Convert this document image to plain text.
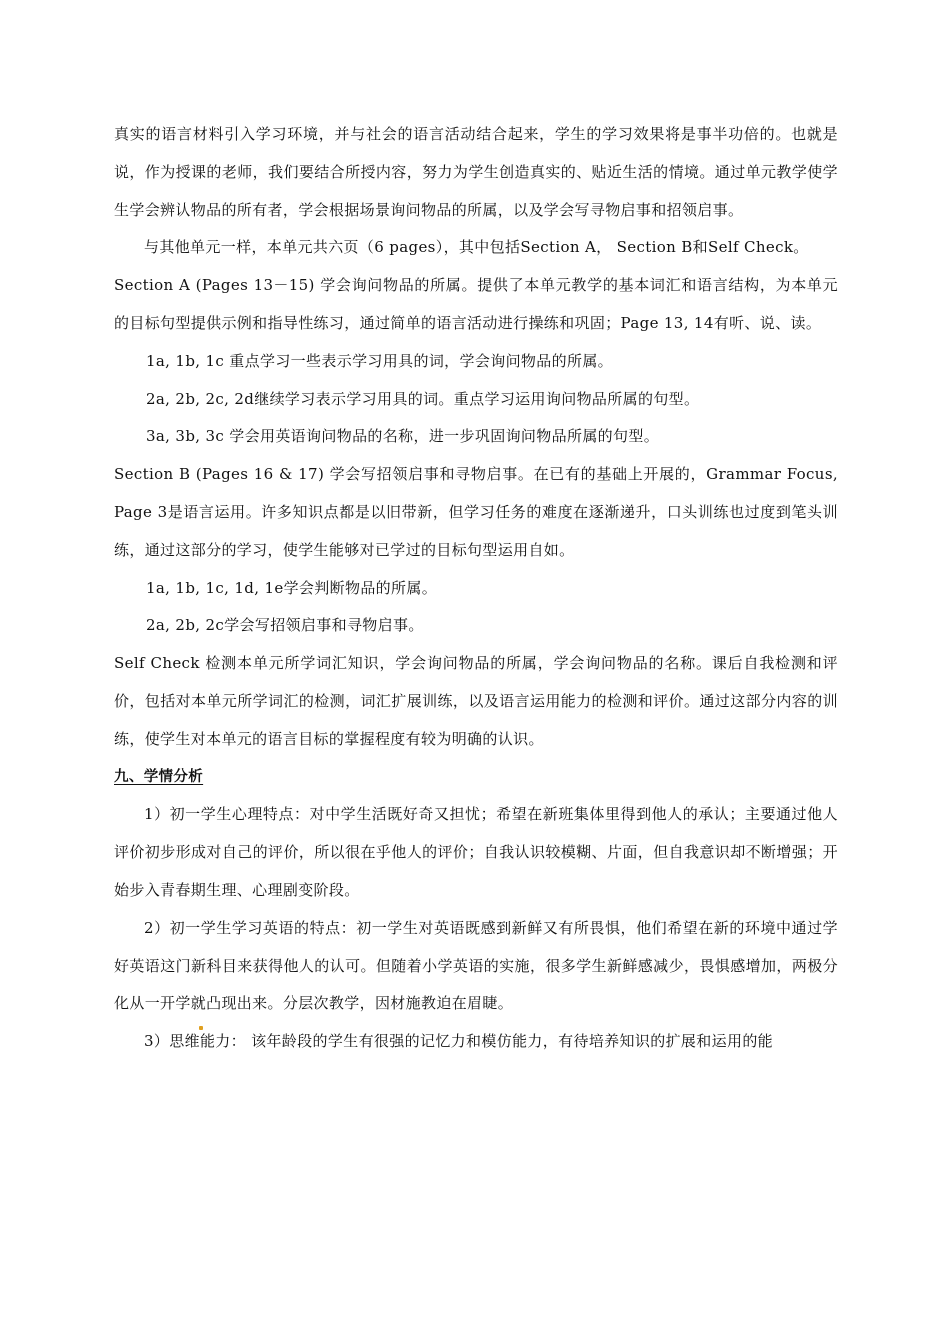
真实的语言材料引入学习环境，并与社会的语言活动结合起来，学生的学习效果将是事半功倍的。也就是说，作为授课的老师，我们要结合所授内容，努力为学生创造真实的、贴近生活的情境。通过单元教学使学生学会辨认物品的所有者，学会根据场景询问物品的所属，以及学会写寻物启事和招领启事。

与其他单元一样，本单元共六页（6 pages），其中包括Section A， Section B和Self Check。

Section A (Pages 13－15) 学会询问物品的所属。提供了本单元教学的基本词汇和语言结构，为本单元的目标句型提供示例和指导性练习，通过简单的语言活动进行操练和巩固；Page 13, 14有听、说、读。

1a, 1b, 1c 重点学习一些表示学习用具的词，学会询问物品的所属。

2a, 2b, 2c, 2d继续学习表示学习用具的词。重点学习运用询问物品所属的句型。

3a, 3b, 3c 学会用英语询问物品的名称，进一步巩固询问物品所属的句型。

Section B (Pages 16 & 17) 学会写招领启事和寻物启事。在已有的基础上开展的，Grammar Focus, Page 3是语言运用。许多知识点都是以旧带新，但学习任务的难度在逐渐递升，口头训练也过度到笔头训练，通过这部分的学习，使学生能够对已学过的目标句型运用自如。

1a, 1b, 1c, 1d, 1e学会判断物品的所属。

2a, 2b, 2c学会写招领启事和寻物启事。

Self Check 检测本单元所学词汇知识，学会询问物品的所属，学会询问物品的名称。课后自我检测和评价，包括对本单元所学词汇的检测，词汇扩展训练，以及语言运用能力的检测和评价。通过这部分内容的训练，使学生对本单元的语言目标的掌握程度有较为明确的认识。

九、学情分析

1）初一学生心理特点：对中学生活既好奇又担忧；希望在新班集体里得到他人的承认；主要通过他人评价初步形成对自己的评价，所以很在乎他人的评价；自我认识较模糊、片面，但自我意识却不断增强；开始步入青春期生理、心理剧变阶段。

2）初一学生学习英语的特点：初一学生对英语既感到新鲜又有所畏惧，他们希望在新的环境中通过学好英语这门新科目来获得他人的认可。但随着小学英语的实施，很多学生新鲜感减少，畏惧感增加，两极分化从一开学就凸现出来。分层次教学，因材施教迫在眉睫。

3）思维能力： 该年龄段的学生有很强的记忆力和模仿能力，有待培养知识的扩展和运用的能
